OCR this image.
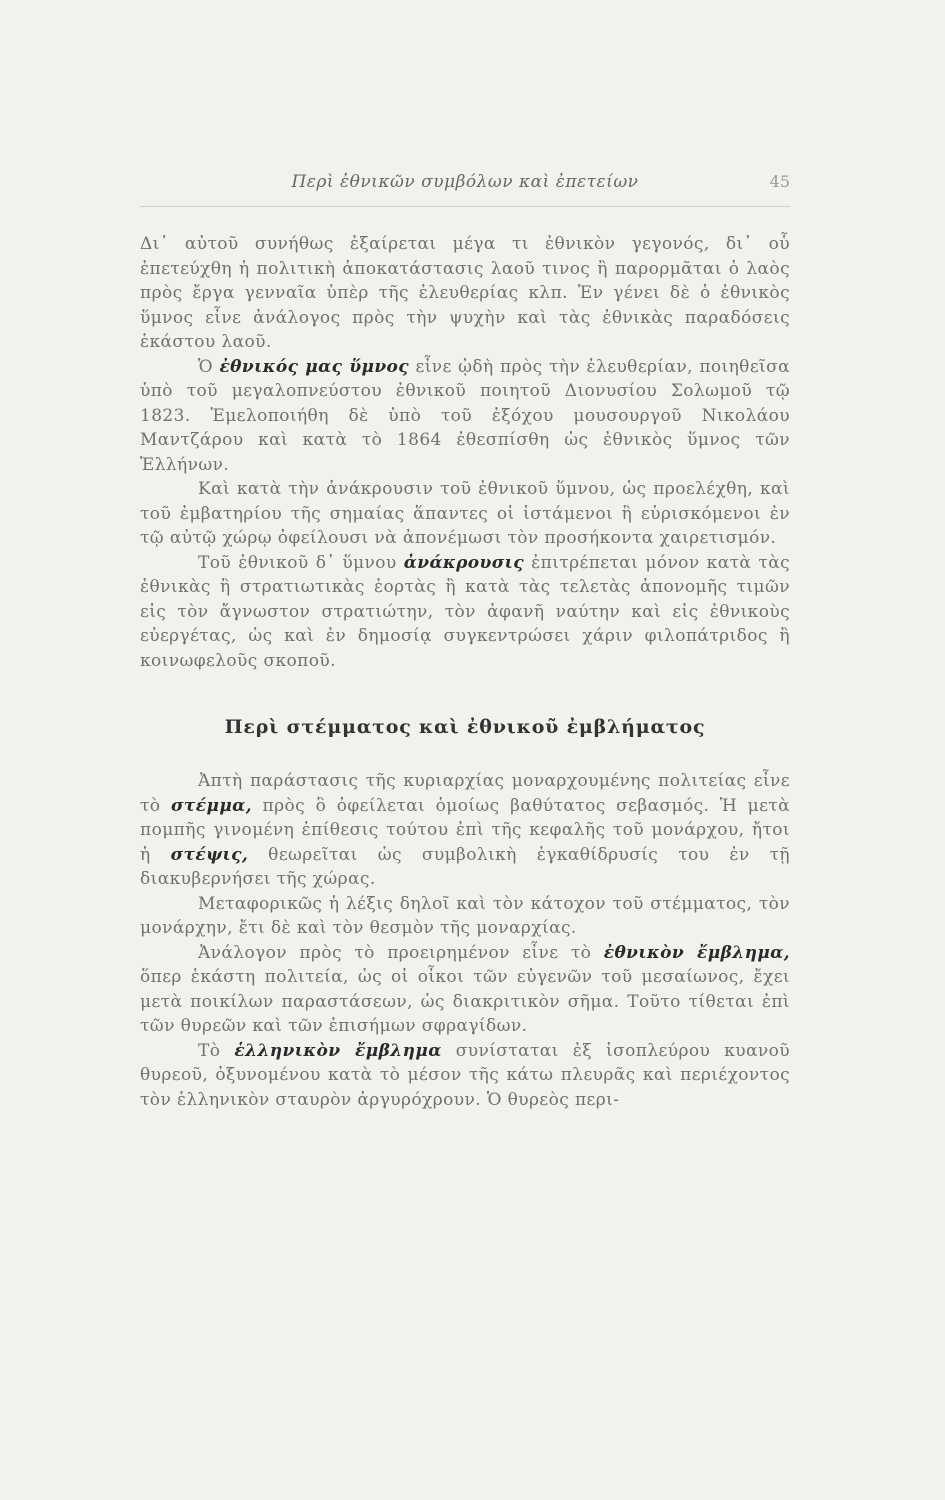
Περὶ ἐθνικῶν συμβόλων καὶ ἐπετείων	45

Δι᾽ αὐτοῦ συνήθως ἐξαίρεται μέγα τι ἐθνικὸν γεγονός, δι᾽ οὗ ἐπετεύχθη ἡ πολιτικὴ ἀποκατάστασις λαοῦ τινος ἢ παρορμᾶται ὁ λαὸς πρὸς ἔργα γενναῖα ὑπὲρ τῆς ἐλευθερίας κλπ. Ἐν γένει δὲ ὁ ἐθνικὸς ὕμνος εἶνε ἀνάλογος πρὸς τὴν ψυχὴν καὶ τὰς ἐθνικὰς παραδόσεις ἑκάστου λαοῦ.

Ὁ ἐθνικός μας ὕμνος εἶνε ᾠδὴ πρὸς τὴν ἐλευθερίαν, ποιηθεῖσα ὑπὸ τοῦ μεγαλοπνεύστου ἐθνικοῦ ποιητοῦ Διονυσίου Σολωμοῦ τῷ 1823. Ἐμελοποιήθη δὲ ὑπὸ τοῦ ἐξόχου μουσουργοῦ Νικολάου Μαντζάρου καὶ κατὰ τὸ 1864 ἐθεσπίσθη ὡς ἐθνικὸς ὕμνος τῶν Ἑλλήνων.

Καὶ κατὰ τὴν ἀνάκρουσιν τοῦ ἐθνικοῦ ὕμνου, ὡς προελέχθη, καὶ τοῦ ἐμβατηρίου τῆς σημαίας ἅπαντες οἱ ἱστάμενοι ἢ εὑρισκόμενοι ἐν τῷ αὐτῷ χώρῳ ὀφείλουσι νὰ ἀπονέμωσι τὸν προσήκοντα χαιρετισμόν.

Τοῦ ἐθνικοῦ δ᾽ ὕμνου ἀνάκρουσις ἐπιτρέπεται μόνον κατὰ τὰς ἐθνικὰς ἢ στρατιωτικὰς ἑορτὰς ἢ κατὰ τὰς τελετὰς ἀπονομῆς τιμῶν εἰς τὸν ἄγνωστον στρατιώτην, τὸν ἀφανῆ ναύτην καὶ εἰς ἐθνικοὺς εὐεργέτας, ὡς καὶ ἐν δημοσίᾳ συγκεντρώσει χάριν φιλοπάτριδος ἢ κοινωφελοῦς σκοποῦ.

Περὶ στέμματος καὶ ἐθνικοῦ ἐμβλήματος

Ἀπτὴ παράστασις τῆς κυριαρχίας μοναρχουμένης πολιτείας εἶνε τὸ στέμμα, πρὸς ὃ ὀφείλεται ὁμοίως βαθύτατος σεβασμός. Ἡ μετὰ πομπῆς γινομένη ἐπίθεσις τούτου ἐπὶ τῆς κεφαλῆς τοῦ μονάρχου, ἤτοι ἡ στέψις, θεωρεῖται ὡς συμβολικὴ ἐγκαθίδρυσίς του ἐν τῇ διακυβερνήσει τῆς χώρας.

Μεταφορικῶς ἡ λέξις δηλοῖ καὶ τὸν κάτοχον τοῦ στέμματος, τὸν μονάρχην, ἔτι δὲ καὶ τὸν θεσμὸν τῆς μοναρχίας.

Ἀνάλογον πρὸς τὸ προειρημένον εἶνε τὸ ἐθνικὸν ἔμβλημα, ὅπερ ἑκάστη πολιτεία, ὡς οἱ οἶκοι τῶν εὐγενῶν τοῦ μεσαίωνος, ἔχει μετὰ ποικίλων παραστάσεων, ὡς διακριτικὸν σῆμα. Τοῦτο τίθεται ἐπὶ τῶν θυρεῶν καὶ τῶν ἐπισήμων σφραγίδων.

Τὸ ἑλληνικὸν ἔμβλημα συνίσταται ἐξ ἰσοπλεύρου κυανοῦ θυρεοῦ, ὀξυνομένου κατὰ τὸ μέσον τῆς κάτω πλευρᾶς καὶ περιέχοντος τὸν ἑλληνικὸν σταυρὸν ἀργυρόχρουν. Ὁ θυρεὸς περι-
